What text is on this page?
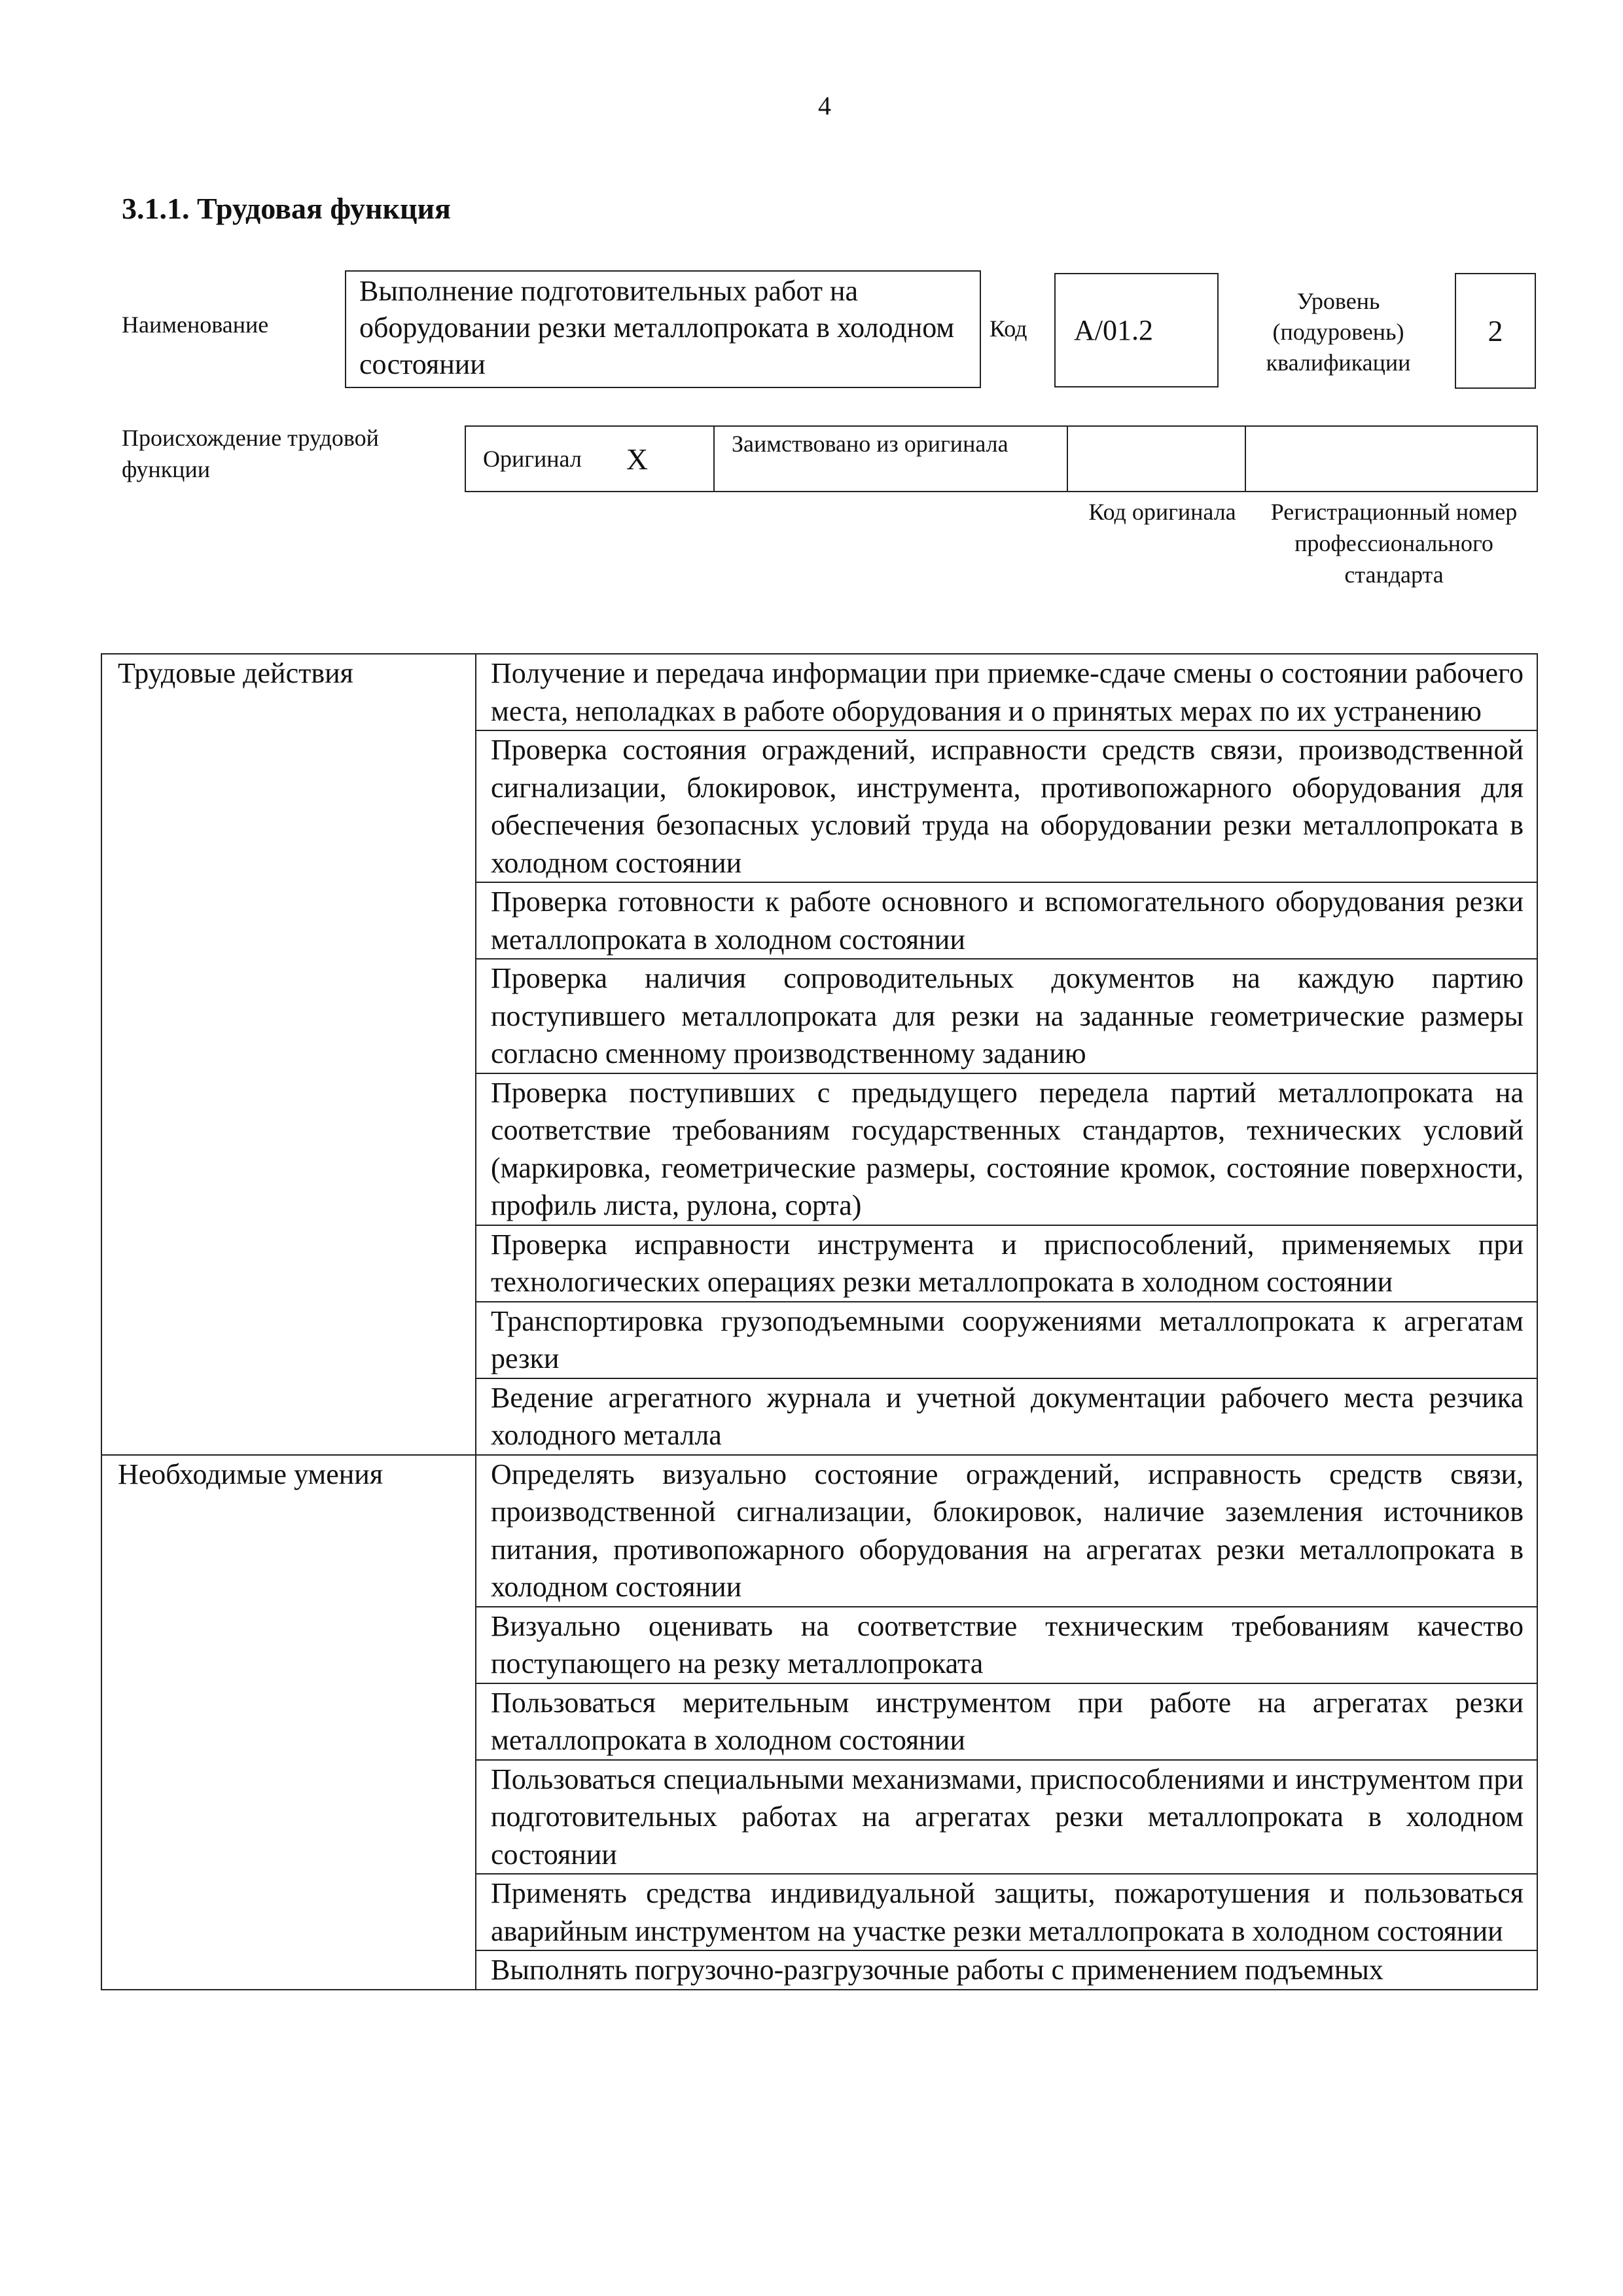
4
3.1.1. Трудовая функция
Наименование
Выполнение подготовительных работ на оборудовании резки металлопроката в холодном состоянии
Код A/01.2
Уровень (подуровень) квалификации
2
Происхождение трудовой функции	Оригинал X	Заимствовано из оригинала
Код оригинала	Регистрационный номер профессионального стандарта
Трудовые действия	Получение и передача информации при приемке-сдаче смены о состоянии рабочего места, неполадках в работе оборудования и о принятых мерах по их устранению
	Проверка состояния ограждений, исправности средств связи, производственной сигнализации, блокировок, инструмента, противопожарного оборудования для обеспечения безопасных условий труда на оборудовании резки металлопроката в холодном состоянии
	Проверка готовности к работе основного и вспомогательного оборудования резки металлопроката в холодном состоянии
	Проверка наличия сопроводительных документов на каждую партию поступившего металлопроката для резки на заданные геометрические размеры согласно сменному производственному заданию
	Проверка поступивших с предыдущего передела партий металлопроката на соответствие требованиям государственных стандартов, технических условий (маркировка, геометрические размеры, состояние кромок, состояние поверхности, профиль листа, рулона, сорта)
	Проверка исправности инструмента и приспособлений, применяемых при технологических операциях резки металлопроката в холодном состоянии
	Транспортировка грузоподъемными сооружениями металлопроката к агрегатам резки
	Ведение агрегатного журнала и учетной документации рабочего места резчика холодного металла
Необходимые умения	Определять визуально состояние ограждений, исправность средств связи, производственной сигнализации, блокировок, наличие заземления источников питания, противопожарного оборудования на агрегатах резки металлопроката в холодном состоянии
	Визуально оценивать на соответствие техническим требованиям качество поступающего на резку металлопроката
	Пользоваться мерительным инструментом при работе на агрегатах резки металлопроката в холодном состоянии
	Пользоваться специальными механизмами, приспособлениями и инструментом при подготовительных работах на агрегатах резки металлопроката в холодном состоянии
	Применять средства индивидуальной защиты, пожаротушения и пользоваться аварийным инструментом на участке резки металлопроката в холодном состоянии
	Выполнять погрузочно-разгрузочные работы с применением подъемных
